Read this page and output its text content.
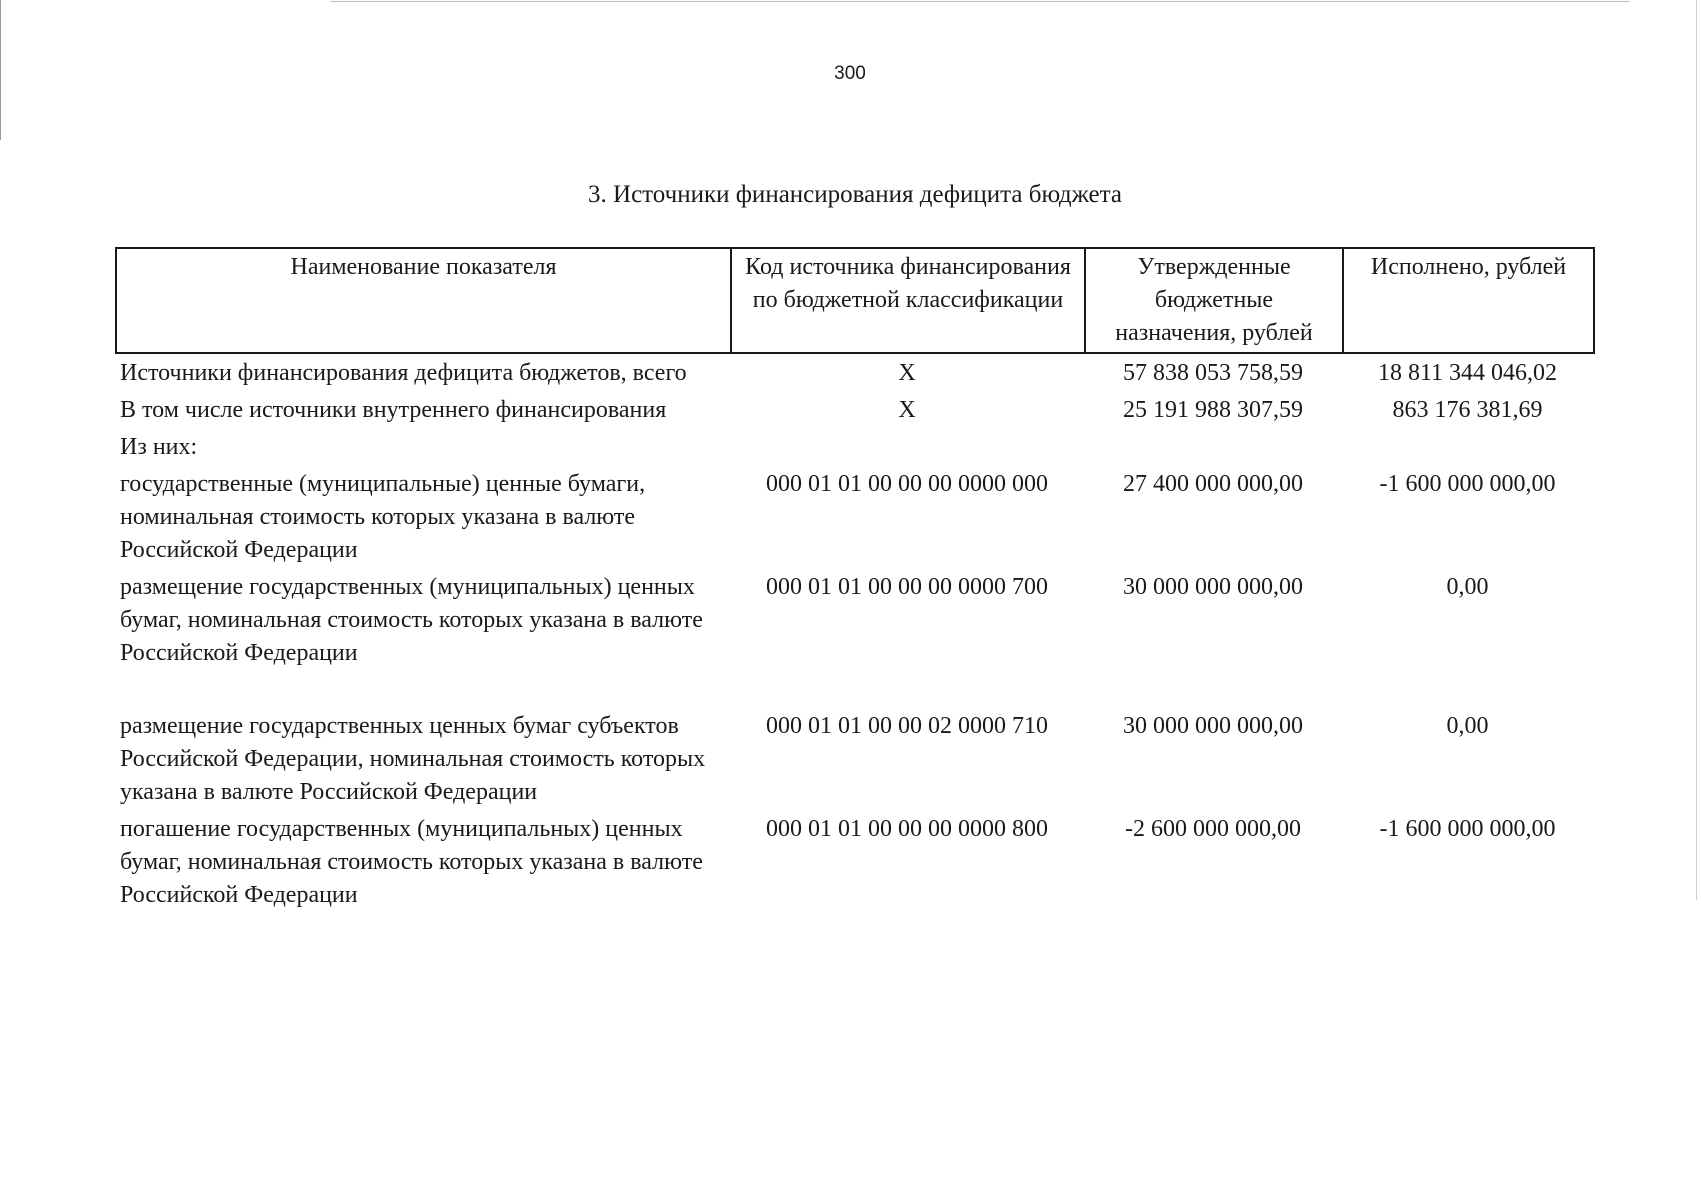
300
3. Источники финансирования дефицита бюджета
Наименование показателя	Код источника финансирования по бюджетной классификации	Утвержденные бюджетные назначения, рублей	Исполнено, рублей
Источники финансирования дефицита бюджетов, всего	X	57 838 053 758,59	18 811 344 046,02
В том числе источники внутреннего финансирования	X	25 191 988 307,59	863 176 381,69
Из них:			
государственные (муниципальные) ценные бумаги, номинальная стоимость которых указана в валюте Российской Федерации	000 01 01 00 00 00 0000 000	27 400 000 000,00	-1 600 000 000,00
размещение государственных (муниципальных) ценных бумаг, номинальная стоимость которых указана в валюте Российской Федерации	000 01 01 00 00 00 0000 700	30 000 000 000,00	0,00

размещение государственных ценных бумаг субъектов Российской Федерации, номинальная стоимость которых указана в валюте Российской Федерации	000 01 01 00 00 02 0000 710	30 000 000 000,00	0,00
погашение государственных (муниципальных) ценных бумаг, номинальная стоимость которых указана в валюте Российской Федерации	000 01 01 00 00 00 0000 800	-2 600 000 000,00	-1 600 000 000,00
